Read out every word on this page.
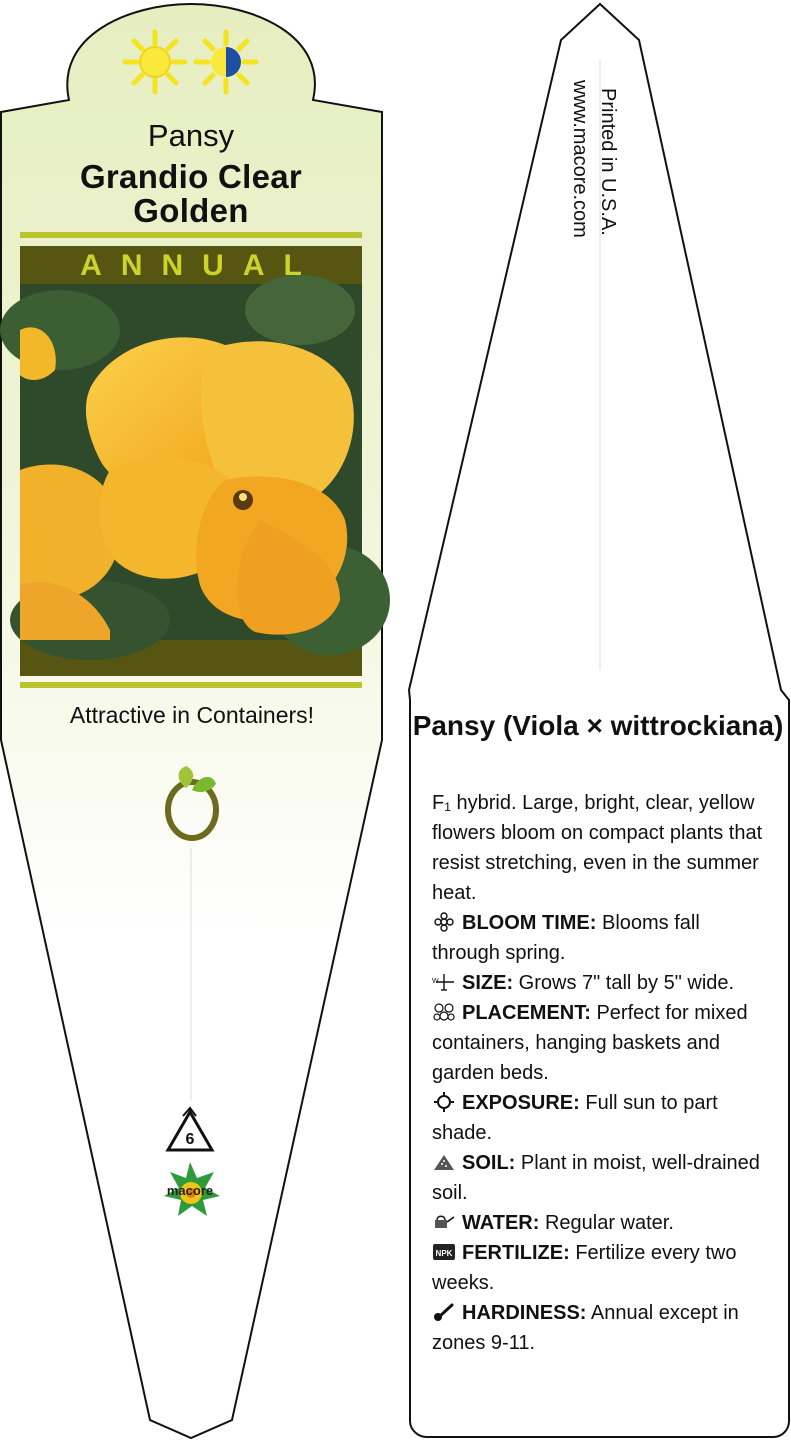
Pansy
Grandio Clear Golden
ANNUAL
Attractive in Containers!
6
macore
Printed in U.S.A.
www.macore.com
Pansy (Viola × wittrockiana)

F₁ hybrid. Large, bright, clear, yellow flowers bloom on compact plants that resist stretching, even in the summer heat.

BLOOM TIME: Blooms fall through spring.

W SIZE: Grows 7" tall by 5" wide.

PLACEMENT: Perfect for mixed containers, hanging baskets and garden beds.

EXPOSURE: Full sun to part shade.

SOIL: Plant in moist, well-drained soil.

WATER: Regular water.

NPK FERTILIZE: Fertilize every two weeks.

HARDINESS: Annual except in zones 9-11.
